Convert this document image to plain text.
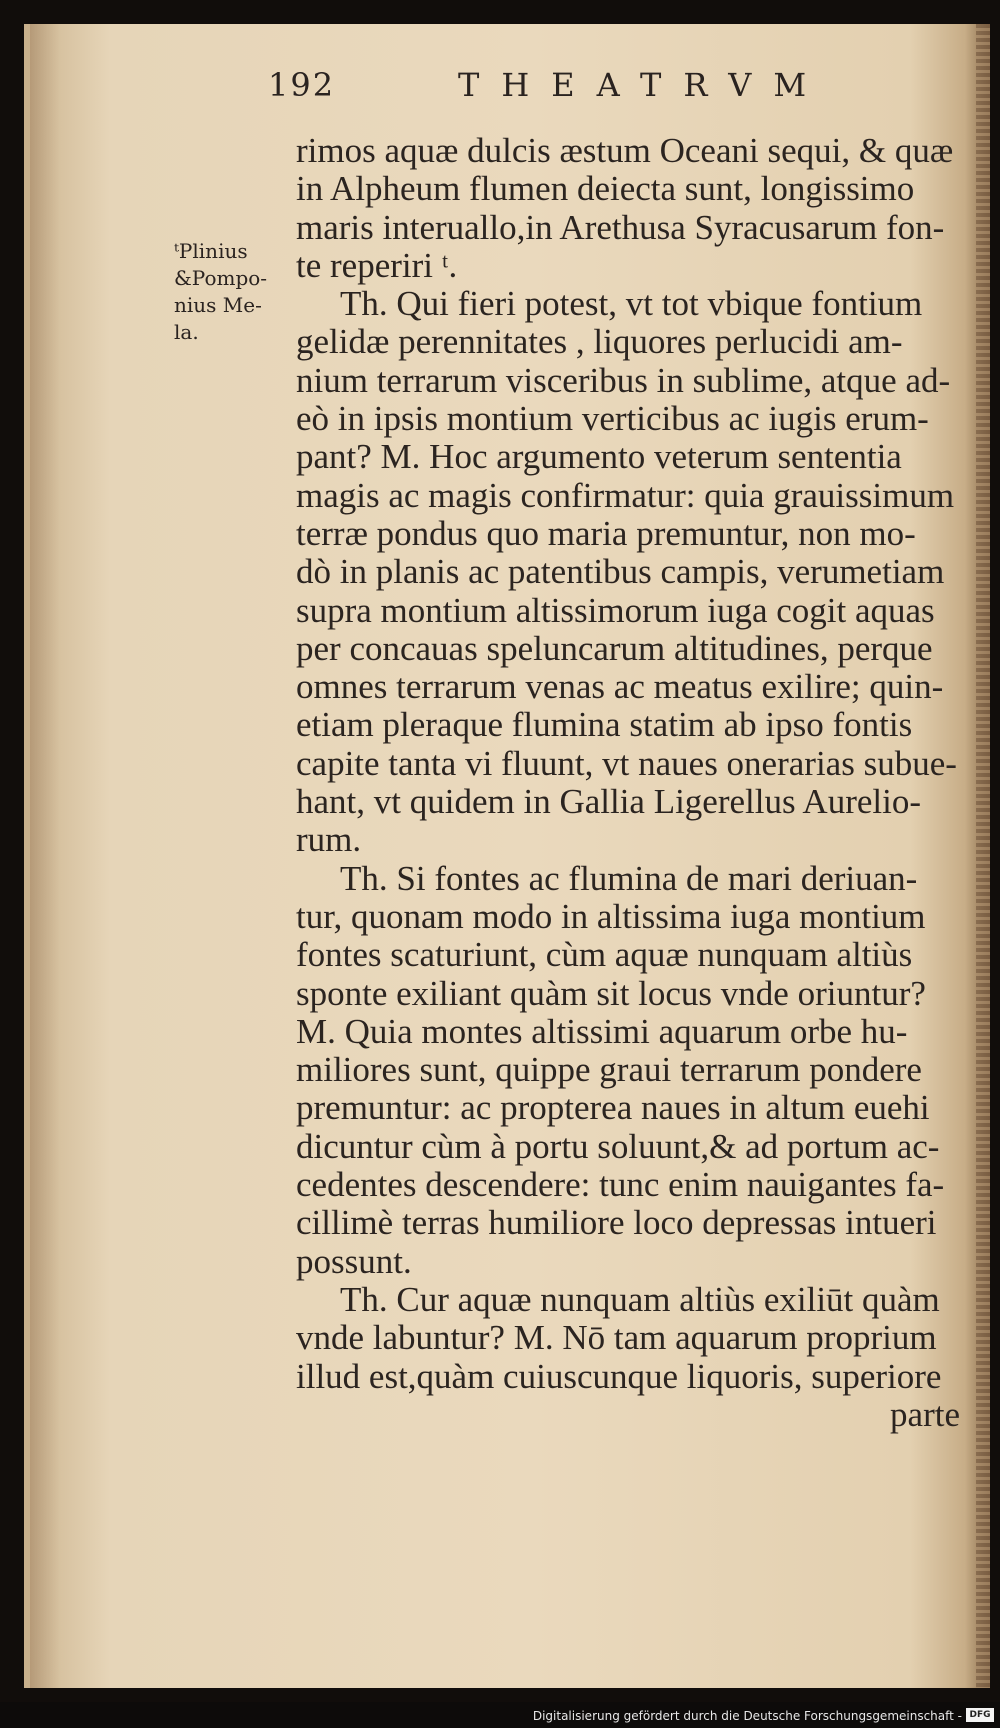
192	THEATRVM
ᵗPlinius
&Pompo-
nius Me-
la.
rimos aquæ dulcis æstum Oceani sequi, & quæ
in Alpheum flumen deiecta sunt, longissimo
maris interuallo,in Arethusa Syracusarum fon-
te reperiri ᵗ.
Th. Qui fieri potest, vt tot vbique fontium
gelidæ perennitates , liquores perlucidi am-
nium terrarum visceribus in sublime, atque ad-
eò in ipsis montium verticibus ac iugis erum-
pant? M. Hoc argumento veterum sententia
magis ac magis confirmatur: quia grauissimum
terræ pondus quo maria premuntur, non mo-
dò in planis ac patentibus campis, verumetiam
supra montium altissimorum iuga cogit aquas
per concauas speluncarum altitudines, perque
omnes terrarum venas ac meatus exilire; quin-
etiam pleraque flumina statim ab ipso fontis
capite tanta vi fluunt, vt naues onerarias subue-
hant, vt quidem in Gallia Ligerellus Aurelio-
rum.
Th. Si fontes ac flumina de mari deriuan-
tur, quonam modo in altissima iuga montium
fontes scaturiunt, cùm aquæ nunquam altiùs
sponte exiliant quàm sit locus vnde oriuntur?
M. Quia montes altissimi aquarum orbe hu-
miliores sunt, quippe graui terrarum pondere
premuntur: ac propterea naues in altum euehi
dicuntur cùm à portu soluunt,& ad portum ac-
cedentes descendere: tunc enim nauigantes fa-
cillimè terras humiliore loco depressas intueri
possunt.
Th. Cur aquæ nunquam altiùs exiliūt quàm
vnde labuntur? M. Nō tam aquarum proprium
illud est,quàm cuiuscunque liquoris, superiore
parte
Digitalisierung gefördert durch die Deutsche Forschungsgemeinschaft - DFG
